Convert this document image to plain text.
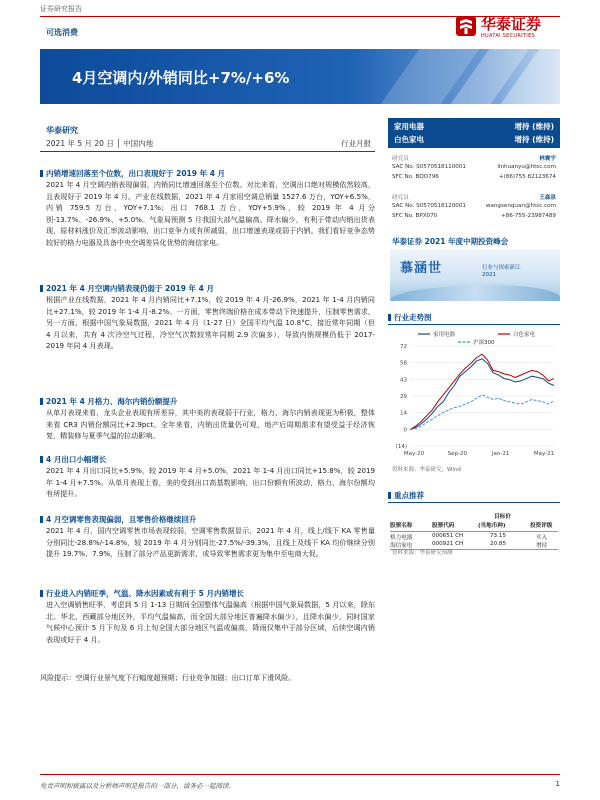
证券研究报告
可选消费	华泰证券
HUATAI SECURITIES
4月空调内/外销同比+7%/+6%
华泰研究
2021 年 5 月 20 日 │ 中国内地	行业月报
内销增速回落至个位数，出口表现好于 2019 年 4 月

2021 年 4 月空调内销表现偏弱，内销同比增速回落至个位数。对比来看，空调出口绝对规模依然较高，且表现好于 2019 年 4 月。产业在线数据，2021 年 4 月家用空调总销量 1527.6 万台，YOY+6.5%，内销 759.5 万台，YOY+7.1%；出口 768.1 万台，YOY+5.9%，较 2019 年 4 月分别-13.7%、-26.9%、+5.0%。气象局预测 5 月我国大部气温偏高、降水偏少，有利于带动内销出货表现，原材料涨价及汇率波动影响，出口竞争力或有所减弱，出口增速表现或弱于内销。我们看好竞争态势较好的格力电器及具备中央空调差异化优势的海信家电。

2021 年 4 月空调内销表现仍弱于 2019 年 4 月

根据产业在线数据，2021 年 4 月内销同比+7.1%，较 2019 年 4 月-26.9%，2021 年 1-4 月内销同比+27.1%，较 2019 年 1-4 月-8.2%。一方面，零售终端价格在成本带动下快速提升，压制零售需求，另一方面，根据中国气象局数据，2021 年 4 月（1-27 日）全国平均气温 10.8°C，接近常年同期（但 4 月以来，共有 4 次冷空气过程，冷空气次数较常年同期 2.9 次偏多），导致内销规模仍低于 2017-2019 年同 4 月表现。

2021 年 4 月格力、海尔内销份额提升

从单月表现来看，龙头企业表现有所差异，其中美的表现弱于行业，格力、海尔内销表现更为积极，整体来看 CR3 内销份额同比+2.9pct。全年来看，内销出货量仍可观，地产后周期需求有望受益于经济恢复，精装修与夏季气温的拉动影响。

4 月出口小幅增长

2021 年 4 月出口同比+5.9%，较 2019 年 4 月+5.0%，2021 年 1-4 月出口同比+15.8%，较 2019 年 1-4 月+7.5%。从单月表现上看，美的受到出口高基数影响，出口份额有所波动，格力、海尔份额均有所提升。

4 月空调零售表现偏弱，且零售价格继续回升

2021 年 4 月，国内空调零售市场表现较弱，空调零售数据显示，2021 年 4 月，线上/线下 KA 零售量分别同比-28.8%/-14.8%，较 2019 年 4 月分别同比-27.5%/-39.3%，且线上及线下 KA 均价继续分别提升 19.7%、7.9%，压制了部分产品更新需求，或导致零售需求更为集中至电商大促。

行业进入内销旺季，气温、降水因素或有利于 5 月内销增长

进入空调销售旺季，考虑到 5 月 1-13 日期间全国整体气温偏高（根据中国气象局数据，5 月以来，除东北、华北、西藏部分地区外，平均气温偏高，而全国大部分地区普遍降水偏少），且降水偏少，同时国家气候中心预计 5 月下旬及 6 月上旬全国大部分地区气温或偏高，降雨仅集中于部分区域，后续空调内销表现或好于 4 月。

风险提示：空调行业景气度下行幅度超预期；行业竞争加剧；出口订单下滑风险。

家用电器	增持 (维持)
白色家电	增持 (维持)
研究员	林寰宇
SAC No. S0570518110001	linhuanyu@htsc.com
SFC No. BQO796	+(86)755 82123674
研究员	王森泉
SAC No. S0570518120001	wangsenquan@htsc.com
SFC No. BPX070	+86-755-23987489
华泰证券 2021 年度中期投资峰会
慕涵世	行业与探索新江
2021
行业走势图
72
58
43
29
14
0
(14)
May-20	Sep-20	Jan-21	May-21
家用电器	白色家电
沪深300
资料来源：华泰研究，Wind
重点推荐
目标价
股票名称	股票代码	(当地币种)	投资评级
格力电器	000651 CH	73.15	买入
海信家电	000921 CH	20.85	增持
资料来源：华泰研究预测
免责声明和披露以及分析师声明是报告的一部分，请务必一起阅读。	1
